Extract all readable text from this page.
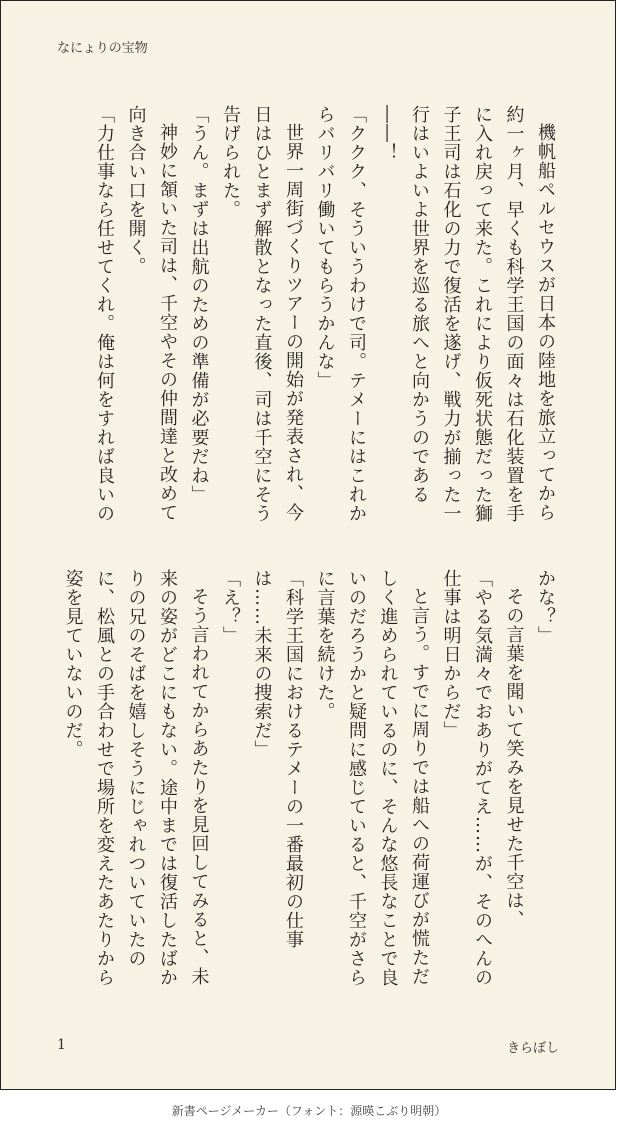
なにょりの宝物

機帆船ペルセウスが日本の陸地を旅立ってから約一ヶ月、早くも科学王国の面々は石化装置を手に入れ戻って来た。これにより仮死状態だった獅子王司は石化の力で復活を遂げ、戦力が揃った一行はいよいよ世界を巡る旅へと向かうのである――！

「ククク、そういうわけで司。テメーにはこれからバリバリ働いてもらうかんな」

世界一周街づくりツアーの開始が発表され、今日はひとまず解散となった直後、司は千空にそう告げられた。

「うん。まずは出航のための準備が必要だね」

神妙に頷いた司は、千空やその仲間達と改めて向き合い口を開く。

「力仕事なら任せてくれ。俺は何をすれば良いの

かな？」

その言葉を聞いて笑みを見せた千空は、

「やる気満々でおありがてえ……が、そのへんの仕事は明日からだ」

と言う。すでに周りでは船への荷運びが慌ただしく進められているのに、そんな悠長なことで良いのだろうかと疑問に感じていると、千空がさらに言葉を続けた。

「科学王国におけるテメーの一番最初の仕事は……未来の捜索だ」

「え？」

そう言われてからあたりを見回してみると、未来の姿がどこにもない。途中までは復活したばかりの兄のそばを嬉しそうにじゃれついていたのに、松風との手合わせで場所を変えたあたりから姿を見ていないのだ。

1	きらぼし
新書ページメーカー（フォント：源暎こぶり明朝）
